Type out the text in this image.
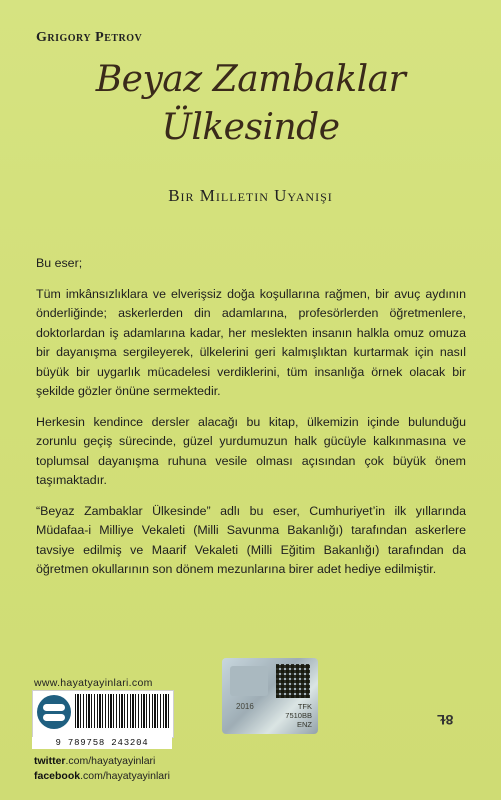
Grigory Petrov
Beyaz Zambaklar
Ülkesinde
Bir Milletin Uyanışı

Bu eser;

Tüm imkânsızlıklara ve elverişsiz doğa koşullarına rağmen, bir avuç aydının önderliğinde; askerlerden din adamlarına, profesörlerden öğretmenlere, doktorlardan iş adamlarına kadar, her meslekten insanın halkla omuz omuza bir dayanışma sergileyerek, ülkelerini geri kalmışlıktan kurtarmak için nasıl büyük bir uygarlık mücadelesi verdiklerini, tüm insanlığa örnek olacak bir şekilde gözler önüne sermektedir.

Herkesin kendince dersler alacağı bu kitap, ülkemizin içinde bulunduğu zorunlu geçiş sürecinde, güzel yurdumuzun halk gücüyle kalkınmasına ve toplumsal dayanışma ruhuna vesile olması açısından çok büyük önem taşımaktadır.

“Beyaz Zambaklar Ülkesinde” adlı bu eser, Cumhuriyet’in ilk yıllarında Müdafaa-i Milliye Vekaleti (Milli Savunma Bakanlığı) tarafından askerlere tavsiye edilmiş ve Maarif Vekaleti (Milli Eğitim Bakanlığı) tarafından da öğretmen okullarının son dönem mezunlarına birer adet hediye edilmiştir.

www.hayatyayinlari.com
9 789758 243204
twitter.com/hayatyayinlari
facebook.com/hayatyayinlari
2016	TFK
7510BB
ENZ	8Ɫ
